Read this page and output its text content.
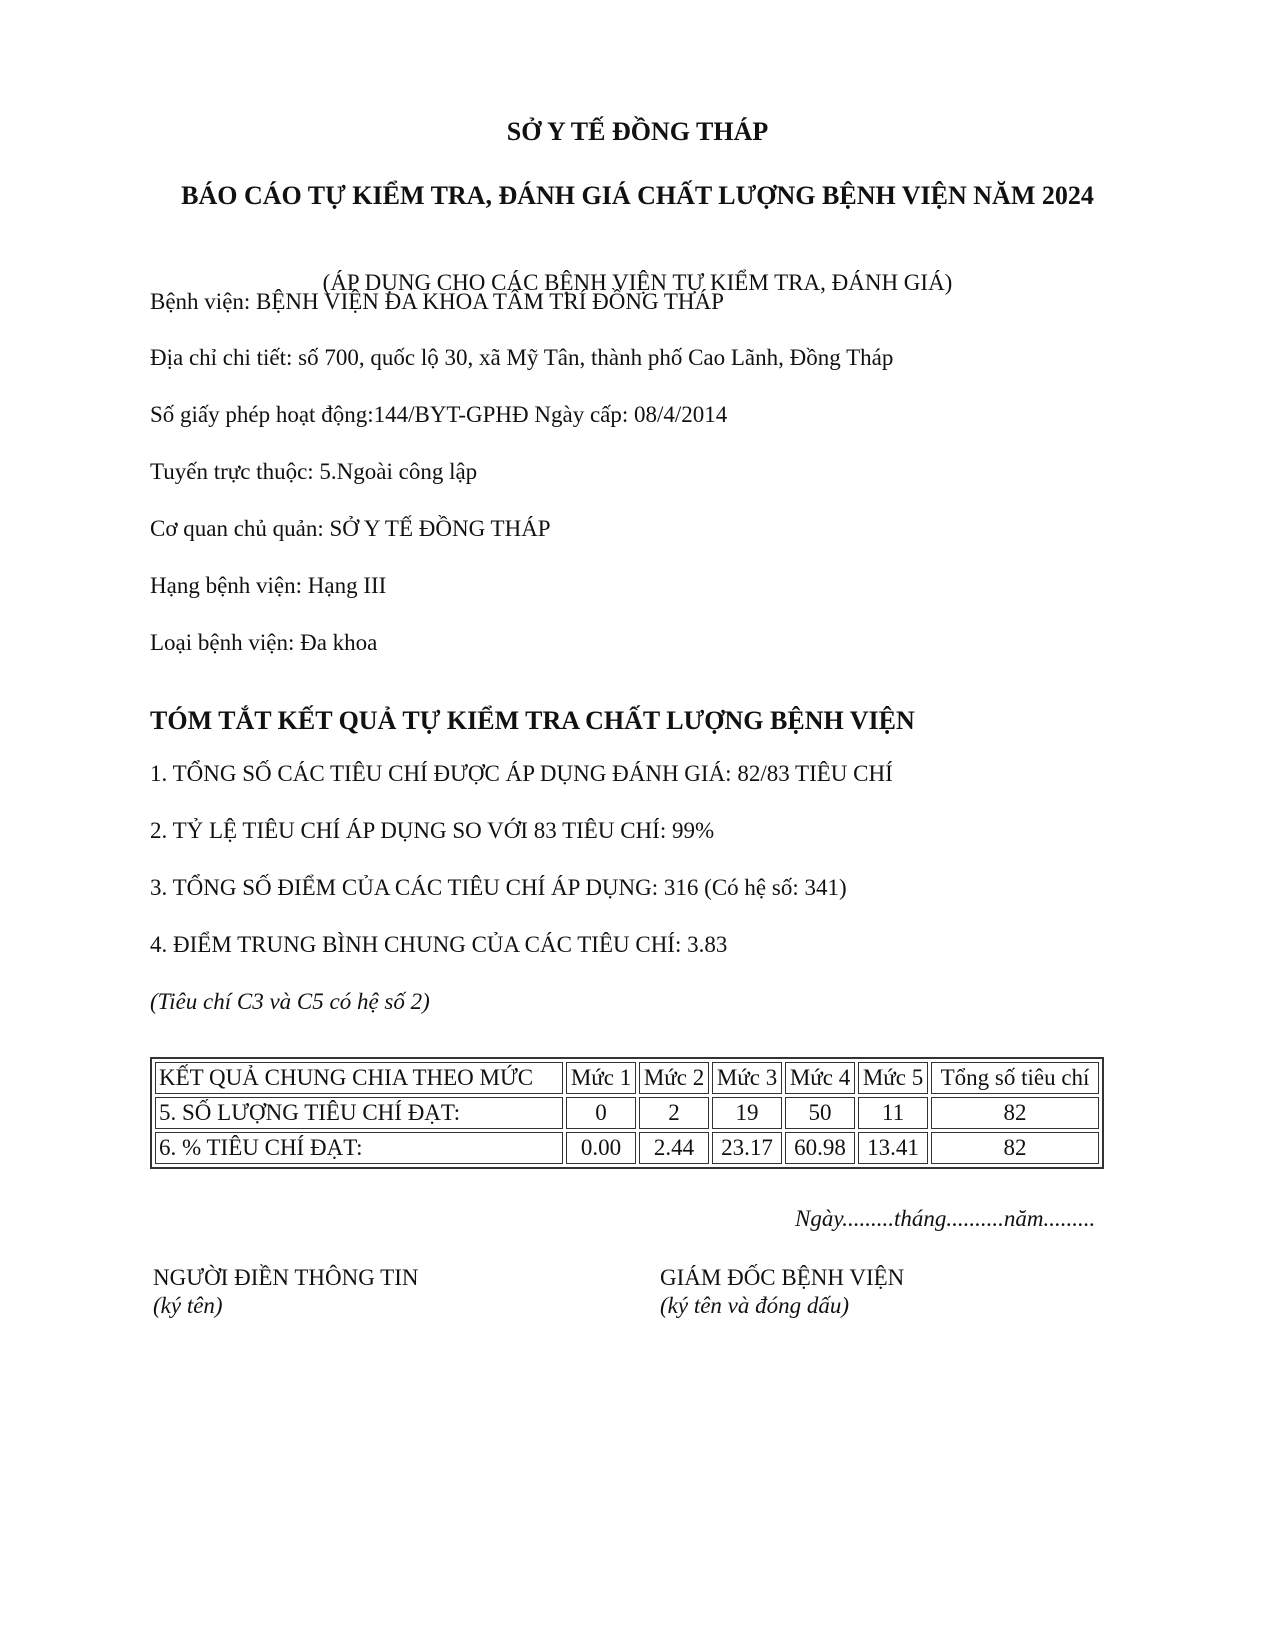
SỞ Y TẾ ĐỒNG THÁP
BÁO CÁO TỰ KIỂM TRA, ĐÁNH GIÁ CHẤT LƯỢNG BỆNH VIỆN NĂM 2024
(ÁP DỤNG CHO CÁC BỆNH VIỆN TỰ KIỂM TRA, ĐÁNH GIÁ)
Bệnh viện: BỆNH VIỆN ĐA KHOA TÂM TRÍ ĐỒNG THÁP
Địa chỉ chi tiết: số 700, quốc lộ 30, xã Mỹ Tân, thành phố Cao Lãnh, Đồng Tháp
Số giấy phép hoạt động:144/BYT-GPHĐ Ngày cấp: 08/4/2014
Tuyến trực thuộc: 5.Ngoài công lập
Cơ quan chủ quản: SỞ Y TẾ ĐỒNG THÁP
Hạng bệnh viện: Hạng III
Loại bệnh viện: Đa khoa
TÓM TẮT KẾT QUẢ TỰ KIỂM TRA CHẤT LƯỢNG BỆNH VIỆN
1. TỔNG SỐ CÁC TIÊU CHÍ ĐƯỢC ÁP DỤNG ĐÁNH GIÁ: 82/83 TIÊU CHÍ
2. TỶ LỆ TIÊU CHÍ ÁP DỤNG SO VỚI 83 TIÊU CHÍ: 99%
3. TỔNG SỐ ĐIỂM CỦA CÁC TIÊU CHÍ ÁP DỤNG: 316 (Có hệ số: 341)
4. ĐIỂM TRUNG BÌNH CHUNG CỦA CÁC TIÊU CHÍ: 3.83
(Tiêu chí C3 và C5 có hệ số 2)
KẾT QUẢ CHUNG CHIA THEO MỨC	Mức 1	Mức 2	Mức 3	Mức 4	Mức 5	Tổng số tiêu chí
5. SỐ LƯỢNG TIÊU CHÍ ĐẠT:	0	2	19	50	11	82
6. % TIÊU CHÍ ĐẠT:	0.00	2.44	23.17	60.98	13.41	82
Ngày.........tháng..........năm.........
NGƯỜI ĐIỀN THÔNG TIN
(ký tên)
GIÁM ĐỐC BỆNH VIỆN
(ký tên và đóng dấu)
